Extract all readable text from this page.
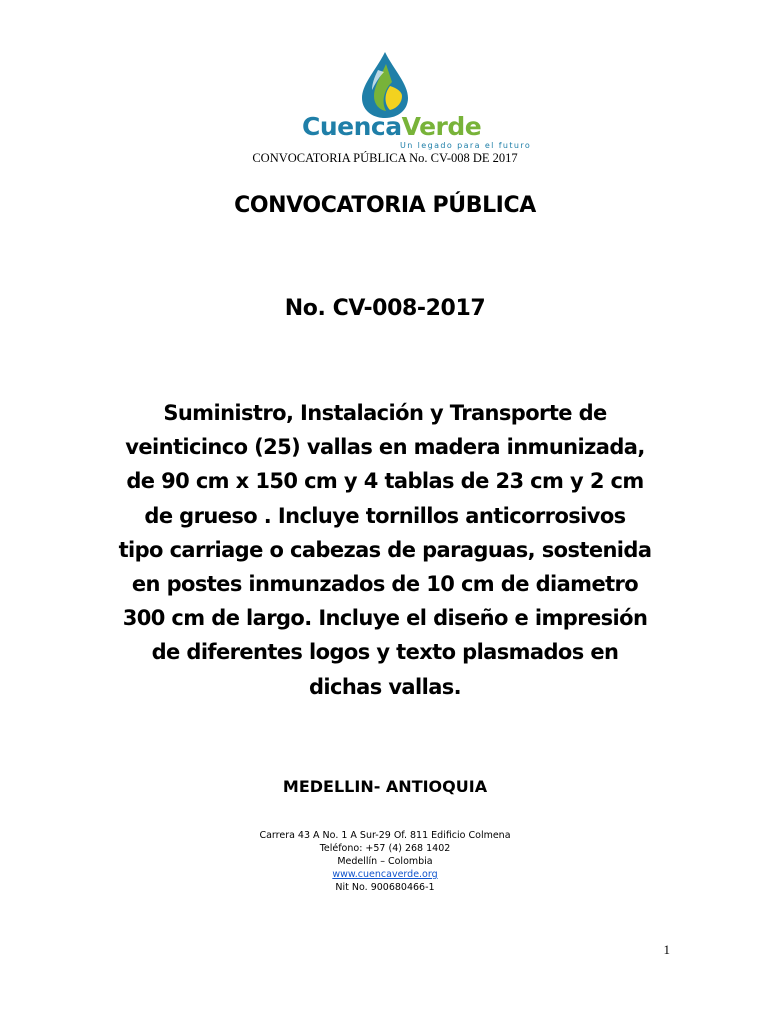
CuencaVerde
Un legado para el futuro
CONVOCATORIA PÚBLICA No. CV-008 DE 2017
CONVOCATORIA PÚBLICA
No. CV-008-2017
Suministro, Instalación y Transporte de
veinticinco (25) vallas en madera inmunizada,
de 90 cm x 150 cm y 4 tablas de 23 cm y 2 cm
de grueso . Incluye tornillos anticorrosivos
tipo carriage o cabezas de paraguas, sostenida
en postes inmunzados de 10 cm de diametro
300 cm de largo. Incluye el diseño e impresión
de diferentes logos y texto plasmados en
dichas vallas.
MEDELLIN- ANTIOQUIA
Carrera 43 A No. 1 A Sur-29 Of. 811 Edificio Colmena
Teléfono: +57 (4) 268 1402
Medellín – Colombia
www.cuencaverde.org
Nit No. 900680466-1
1
